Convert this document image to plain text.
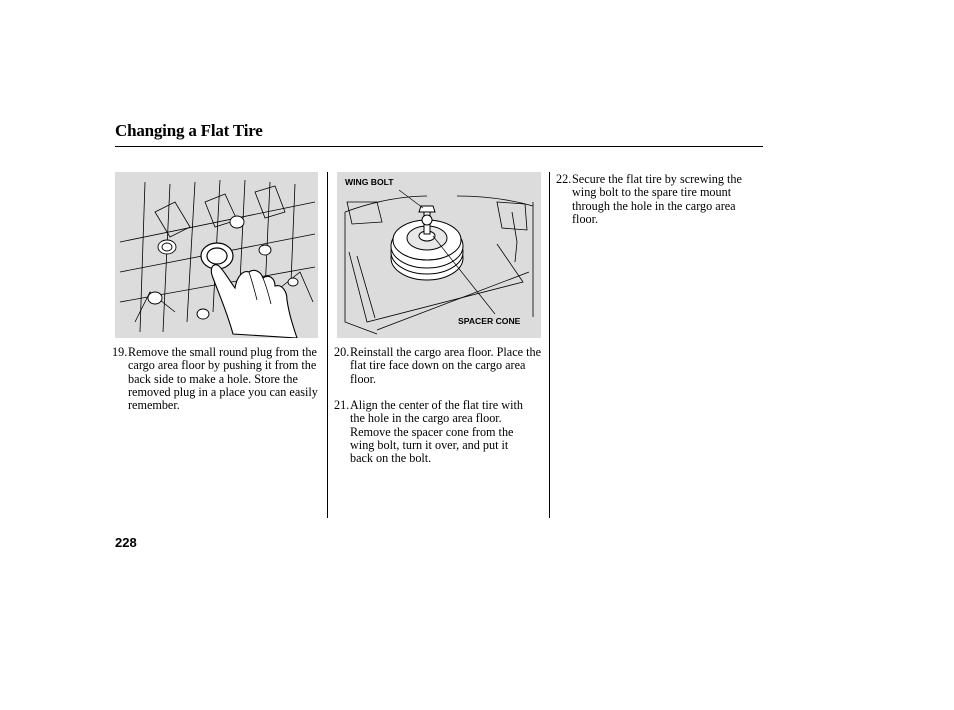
Changing a Flat Tire
WING BOLT
SPACER CONE
19. Remove the small round plug from the cargo area floor by pushing it from the back side to make a hole. Store the removed plug in a place you can easily remember.
20. Reinstall the cargo area floor. Place the flat tire face down on the cargo area floor.
21. Align the center of the flat tire with the hole in the cargo area floor. Remove the spacer cone from the wing bolt, turn it over, and put it back on the bolt.
22. Secure the flat tire by screwing the wing bolt to the spare tire mount through the hole in the cargo area floor.
228
